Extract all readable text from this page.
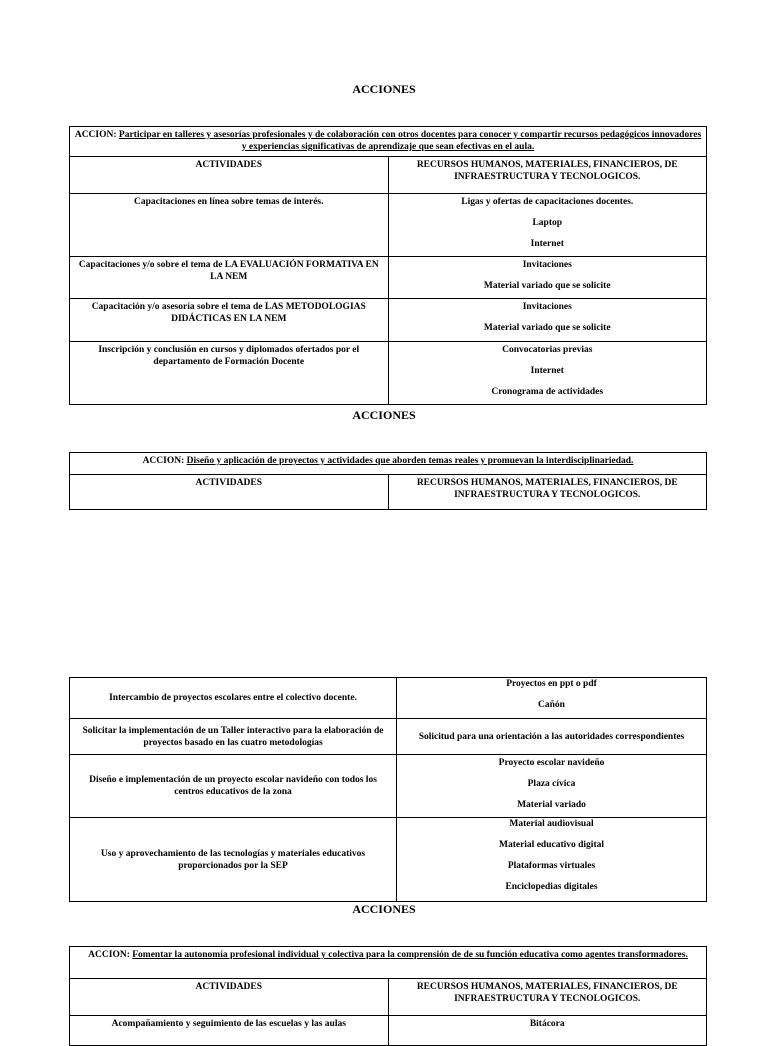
ACCIONES
ACCION: Participar en talleres y asesorías profesionales y de colaboración con otros docentes para conocer y compartir recursos pedagógicos innovadores y experiencias significativas de aprendizaje que sean efectivas en el aula.	
ACTIVIDADES	RECURSOS HUMANOS, MATERIALES, FINANCIEROS, DE INFRAESTRUCTURA Y TECNOLOGICOS.
Capacitaciones en línea sobre temas de interés.	Ligas y ofertas de capacitaciones docentes.
Laptop
Internet

Capacitaciones y/o sobre el tema de LA EVALUACIÓN FORMATIVA EN LA NEM	Invitaciones
Material variado que se solicite

Capacitación y/o asesoría sobre el tema de LAS METODOLOGIAS DIDÁCTICAS EN LA NEM	Invitaciones
Material variado que se solicite

Inscripción y conclusión en cursos y diplomados ofertados por el departamento de Formación Docente	Convocatorias previas
Internet
Cronograma de actividades
ACCIONES
ACCION: Diseño y aplicación de proyectos y actividades que aborden temas reales y promuevan la interdisciplinariedad.
ACTIVIDADES	RECURSOS HUMANOS, MATERIALES, FINANCIEROS, DE INFRAESTRUCTURA Y TECNOLOGICOS.
Intercambio de proyectos escolares entre el colectivo docente.	Proyectos en ppt o pdf
Cañón

Solicitar la implementación de un Taller interactivo para la elaboración de proyectos basado en las cuatro metodologías	Solicitud para una orientación a las autoridades correspondientes

Diseño e implementación de un proyecto escolar navideño con todos los centros educativos de la zona	Proyecto escolar navideño
Plaza cívica
Material variado

Uso y aprovechamiento de las tecnologías y materiales educativos proporcionados por la SEP	Material audiovisual
Material educativo digital
Plataformas virtuales
Enciclopedias digitales
ACCIONES
ACCION: Fomentar la autonomía profesional individual y colectiva para la comprensión de de su función educativa como agentes transformadores.	
ACTIVIDADES	RECURSOS HUMANOS, MATERIALES, FINANCIEROS, DE INFRAESTRUCTURA Y TECNOLOGICOS.
Acompañamiento y seguimiento de las escuelas y las aulas	Bitácora
